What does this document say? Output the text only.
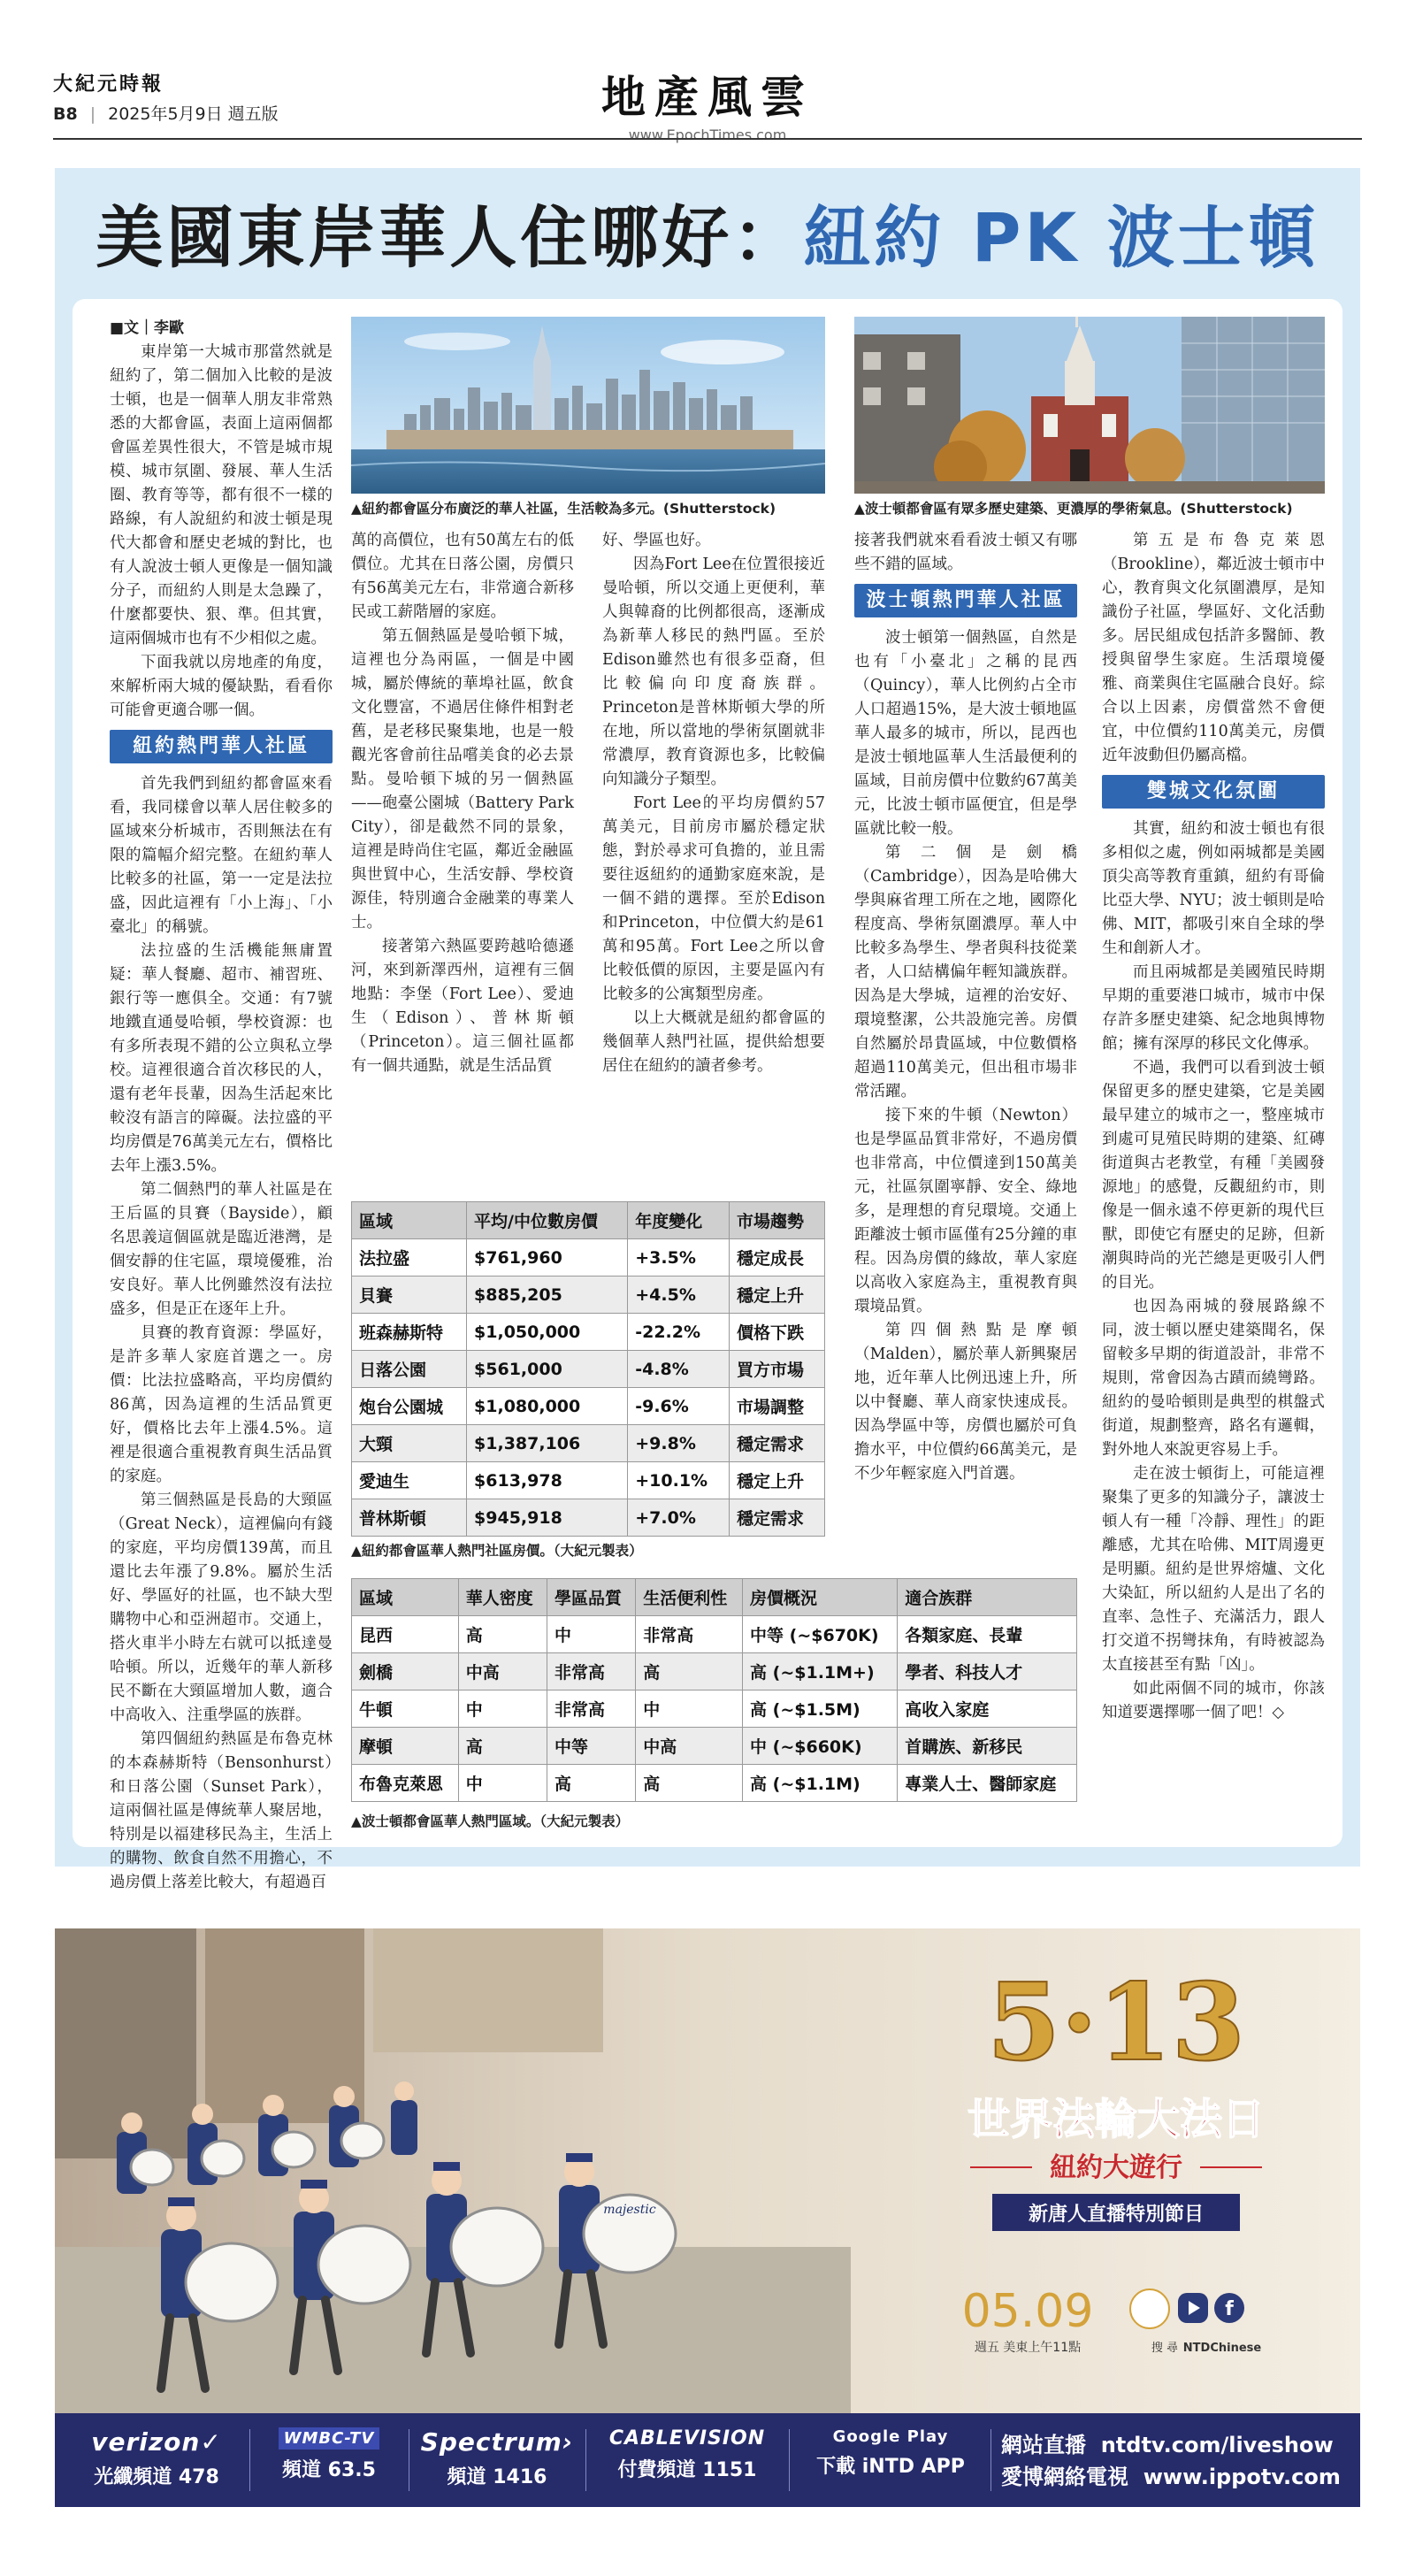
大紀元時報
B8 | 2025年5月9日 週五版	地產風雲
www.EpochTimes.com
美國東岸華人住哪好：紐約 PK 波士頓

■文｜李歐

東岸第一大城市那當然就是紐約了，第二個加入比較的是波士頓，也是一個華人朋友非常熟悉的大都會區，表面上這兩個都會區差異性很大，不管是城市規模、城市氛圍、發展、華人生活圈、教育等等，都有很不一樣的路線，有人說紐約和波士頓是現代大都會和歷史老城的對比，也有人說波士頓人更像是一個知識分子，而紐約人則是太急躁了，什麼都要快、狠、準。但其實，這兩個城市也有不少相似之處。

下面我就以房地產的角度，來解析兩大城的優缺點，看看你可能會更適合哪一個。

紐約熱門華人社區

首先我們到紐約都會區來看看，我同樣會以華人居住較多的區域來分析城市，否則無法在有限的篇幅介紹完整。在紐約華人比較多的社區，第一一定是法拉盛，因此這裡有「小上海」、「小臺北」的稱號。

法拉盛的生活機能無庸置疑：華人餐廳、超市、補習班、銀行等一應俱全。交通：有7號地鐵直通曼哈頓，學校資源：也有多所表現不錯的公立與私立學校。這裡很適合首次移民的人，還有老年長輩，因為生活起來比較沒有語言的障礙。法拉盛的平均房價是76萬美元左右，價格比去年上漲3.5%。

第二個熱門的華人社區是在王后區的貝賽（Bayside），顧名思義這個區就是臨近港灣，是個安靜的住宅區，環境優雅，治安良好。華人比例雖然沒有法拉盛多，但是正在逐年上升。

貝賽的教育資源：學區好，是許多華人家庭首選之一。房價：比法拉盛略高，平均房價約86萬，因為這裡的生活品質更好，價格比去年上漲4.5%。這裡是很適合重視教育與生活品質的家庭。

第三個熱區是長島的大頸區（Great Neck），這裡偏向有錢的家庭，平均房價139萬，而且還比去年漲了9.8%。屬於生活好、學區好的社區，也不缺大型購物中心和亞洲超市。交通上，搭火車半小時左右就可以抵達曼哈頓。所以，近幾年的華人新移民不斷在大頸區增加人數，適合中高收入、注重學區的族群。

第四個紐約熱區是布魯克林的本森赫斯特（Bensonhurst）和日落公園（Sunset Park），這兩個社區是傳統華人聚居地，特別是以福建移民為主，生活上的購物、飲食自然不用擔心，不過房價上落差比較大，有超過百

▲紐約都會區分布廣泛的華人社區，生活較為多元。(Shutterstock)	▲波士頓都會區有眾多歷史建築、更濃厚的學術氣息。(Shutterstock)

萬的高價位，也有50萬左右的低價位。尤其在日落公園，房價只有56萬美元左右，非常適合新移民或工薪階層的家庭。

第五個熱區是曼哈頓下城，這裡也分為兩區，一個是中國城，屬於傳統的華埠社區，飲食文化豐富，不過居住條件相對老舊，是老移民聚集地，也是一般觀光客會前往品嚐美食的必去景點。曼哈頓下城的另一個熱區——砲臺公園城（Battery Park City），卻是截然不同的景象，這裡是時尚住宅區，鄰近金融區與世貿中心，生活安靜、學校資源佳，特別適合金融業的專業人士。

接著第六熱區要跨越哈德遜河，來到新澤西州，這裡有三個地點：李堡（Fort Lee）、愛迪生（Edison）、普林斯頓（Princeton）。這三個社區都有一個共通點，就是生活品質

好、學區也好。

因為Fort Lee在位置很接近曼哈頓，所以交通上更便利，華人與韓裔的比例都很高，逐漸成為新華人移民的熱門區。至於Edison雖然也有很多亞裔，但比較偏向印度裔族群。Princeton是普林斯頓大學的所在地，所以當地的學術氛圍就非常濃厚，教育資源也多，比較偏向知識分子類型。

Fort Lee的平均房價約57萬美元，目前房市屬於穩定狀態，對於尋求可負擔的，並且需要往返紐約的通勤家庭來說，是一個不錯的選擇。至於Edison和Princeton，中位價大約是61萬和95萬。Fort Lee之所以會比較低價的原因，主要是區內有比較多的公寓類型房產。

以上大概就是紐約都會區的幾個華人熱門社區，提供給想要居住在紐約的讀者參考。

接著我們就來看看波士頓又有哪些不錯的區域。

波士頓熱門華人社區

波士頓第一個熱區，自然是也有「小臺北」之稱的昆西（Quincy），華人比例約占全市人口超過15%，是大波士頓地區華人最多的城市，所以，昆西也是波士頓地區華人生活最便利的區域，目前房價中位數約67萬美元，比波士頓市區便宜，但是學區就比較一般。

第二個是劍橋（Cambridge），因為是哈佛大學與麻省理工所在之地，國際化程度高、學術氛圍濃厚。華人中比較多為學生、學者與科技從業者，人口結構偏年輕知識族群。因為是大學城，這裡的治安好、環境整潔，公共設施完善。房價自然屬於昂貴區域，中位數價格超過110萬美元，但出租市場非常活躍。

接下來的牛頓（Newton）也是學區品質非常好，不過房價也非常高，中位價達到150萬美元，社區氛圍寧靜、安全、綠地多，是理想的育兒環境。交通上距離波士頓市區僅有25分鐘的車程。因為房價的緣故，華人家庭以高收入家庭為主，重視教育與環境品質。

第四個熱點是摩頓（Malden），屬於華人新興聚居地，近年華人比例迅速上升，所以中餐廳、華人商家快速成長。因為學區中等，房價也屬於可負擔水平，中位價約66萬美元，是不少年輕家庭入門首選。

第五是布魯克萊恩（Brookline），鄰近波士頓市中心，教育與文化氛圍濃厚，是知識份子社區，學區好、文化活動多。居民組成包括許多醫師、教授與留學生家庭。生活環境優雅、商業與住宅區融合良好。綜合以上因素，房價當然不會便宜，中位價約110萬美元，房價近年波動但仍屬高檔。

雙城文化氛圍

其實，紐約和波士頓也有很多相似之處，例如兩城都是美國頂尖高等教育重鎮，紐約有哥倫比亞大學、NYU；波士頓則是哈佛、MIT，都吸引來自全球的學生和創新人才。

而且兩城都是美國殖民時期早期的重要港口城市，城市中保存許多歷史建築、紀念地與博物館；擁有深厚的移民文化傳承。

不過，我們可以看到波士頓保留更多的歷史建築，它是美國最早建立的城市之一，整座城市到處可見殖民時期的建築、紅磚街道與古老教堂，有種「美國發源地」的感覺，反觀紐約市，則像是一個永遠不停更新的現代巨獸，即使它有歷史的足跡，但新潮與時尚的光芒總是更吸引人們的目光。

也因為兩城的發展路線不同，波士頓以歷史建築聞名，保留較多早期的街道設計，非常不規則，常會因為古蹟而繞彎路。紐約的曼哈頓則是典型的棋盤式街道，規劃整齊，路名有邏輯，對外地人來說更容易上手。

走在波士頓街上，可能這裡聚集了更多的知識分子，讓波士頓人有一種「冷靜、理性」的距離感，尤其在哈佛、MIT周邊更是明顯。紐約是世界熔爐、文化大染缸，所以紐約人是出了名的直率、急性子、充滿活力，跟人打交道不拐彎抹角，有時被認為太直接甚至有點「凶」。

如此兩個不同的城市，你該知道要選擇哪一個了吧！◇

區域	平均/中位數房價	年度變化	市場趨勢
法拉盛	$761,960	+3.5%	穩定成長
貝賽	$885,205	+4.5%	穩定上升
班森赫斯特	$1,050,000	-22.2%	價格下跌
日落公園	$561,000	-4.8%	買方市場
炮台公園城	$1,080,000	-9.6%	市場調整
大頸	$1,387,106	+9.8%	穩定需求
愛迪生	$613,978	+10.1%	穩定上升
普林斯頓	$945,918	+7.0%	穩定需求
▲紐約都會區華人熱門社區房價。（大紀元製表）
區域	華人密度	學區品質	生活便利性	房價概況	適合族群
昆西	高	中	非常高	中等 (~$670K)	各類家庭、長輩
劍橋	中高	非常高	高	高 (~$1.1M+)	學者、科技人才
牛頓	中	非常高	中	高 (~$1.5M)	高收入家庭
摩頓	高	中等	中高	中 (~$660K)	首購族、新移民
布魯克萊恩	中	高	高	高 (~$1.1M)	專業人士、醫師家庭
▲波士頓都會區華人熱門區域。（大紀元製表）
majestic
5·13
世界法輪大法日
紐約大遊行
新唐人直播特別節目
05.09
週五 美東上午11點
f
搜 尋 NTDChinese
verizon✓
光纖頻道 478
WMBC-TV
頻道 63.5
Spectrum›
頻道 1416
CABLEVISION
付費頻道 1151
Google Play
下載 iNTD APP
網站直播 ntdtv.com/liveshow
愛博網絡電視 www.ippotv.com
